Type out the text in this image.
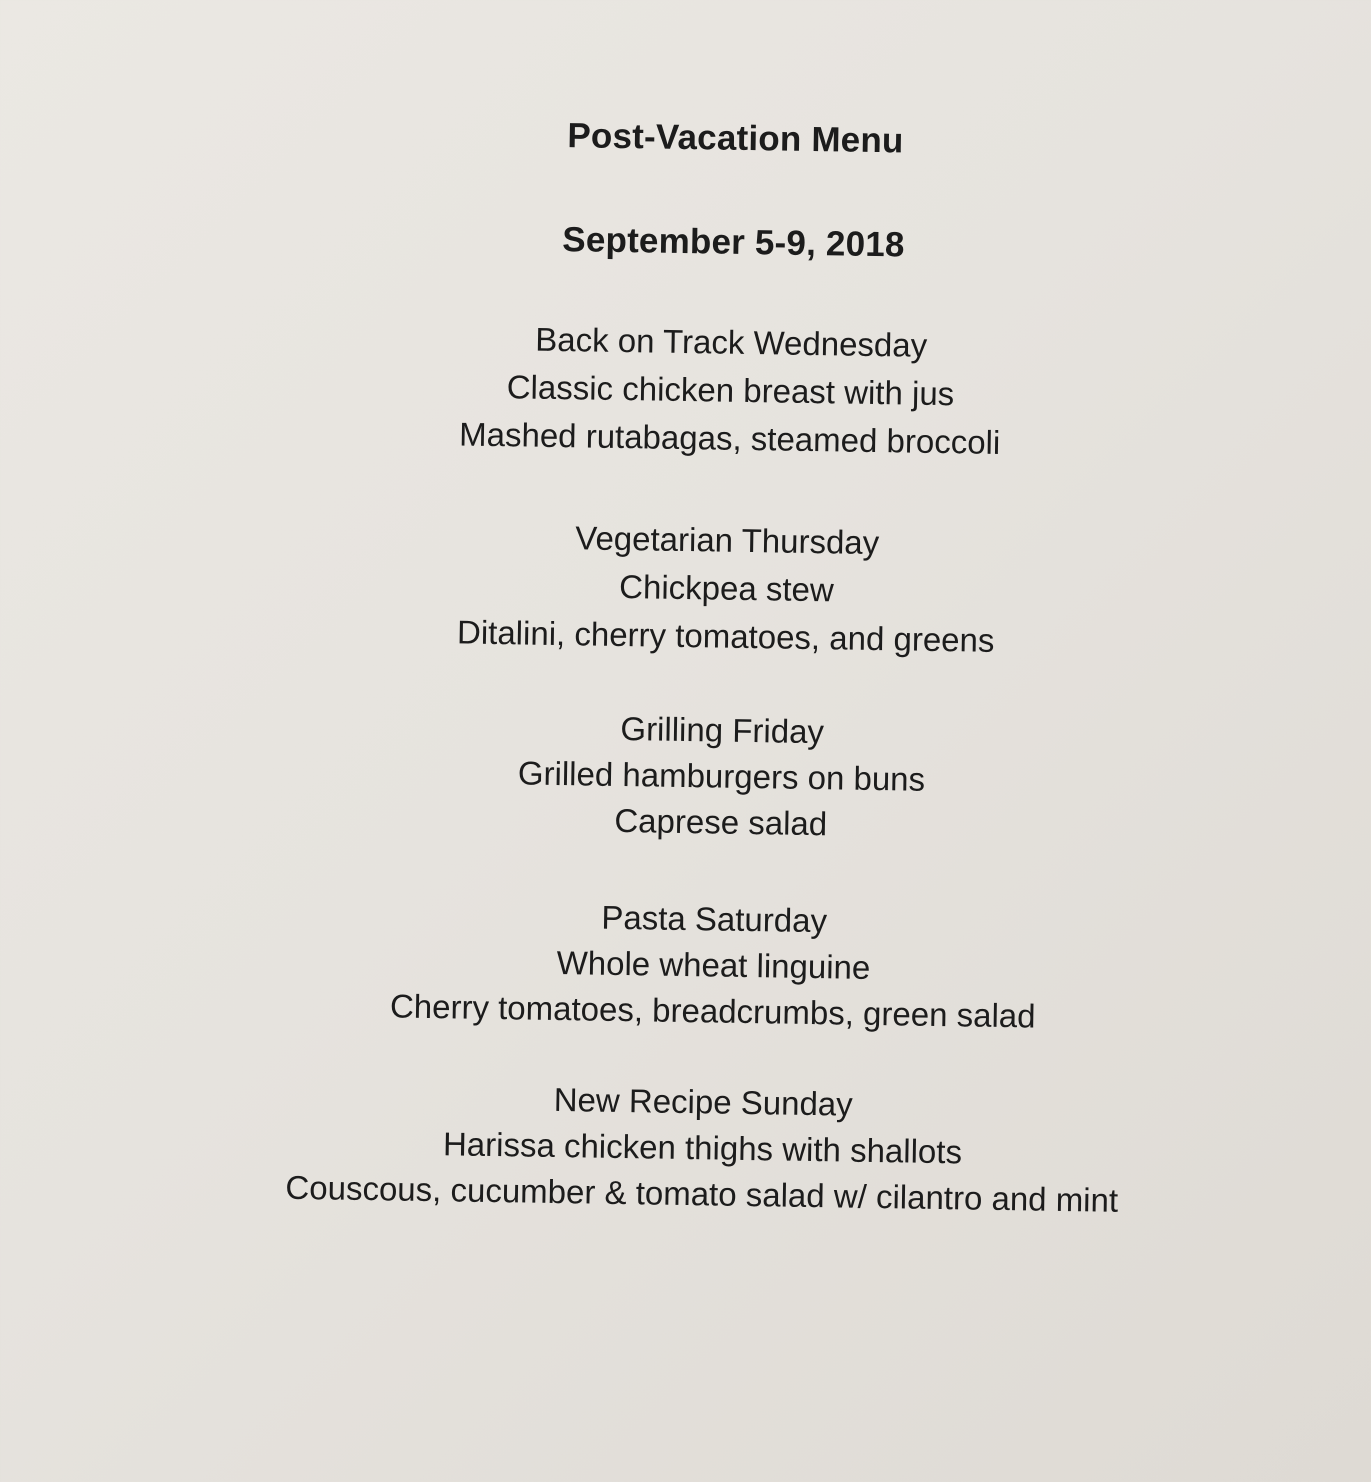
Post-Vacation Menu
September 5-9, 2018
Back on Track Wednesday
Classic chicken breast with jus
Mashed rutabagas, steamed broccoli
Vegetarian Thursday
Chickpea stew
Ditalini, cherry tomatoes, and greens
Grilling Friday
Grilled hamburgers on buns
Caprese salad
Pasta Saturday
Whole wheat linguine
Cherry tomatoes, breadcrumbs, green salad
New Recipe Sunday
Harissa chicken thighs with shallots
Couscous, cucumber & tomato salad w/ cilantro and mint
